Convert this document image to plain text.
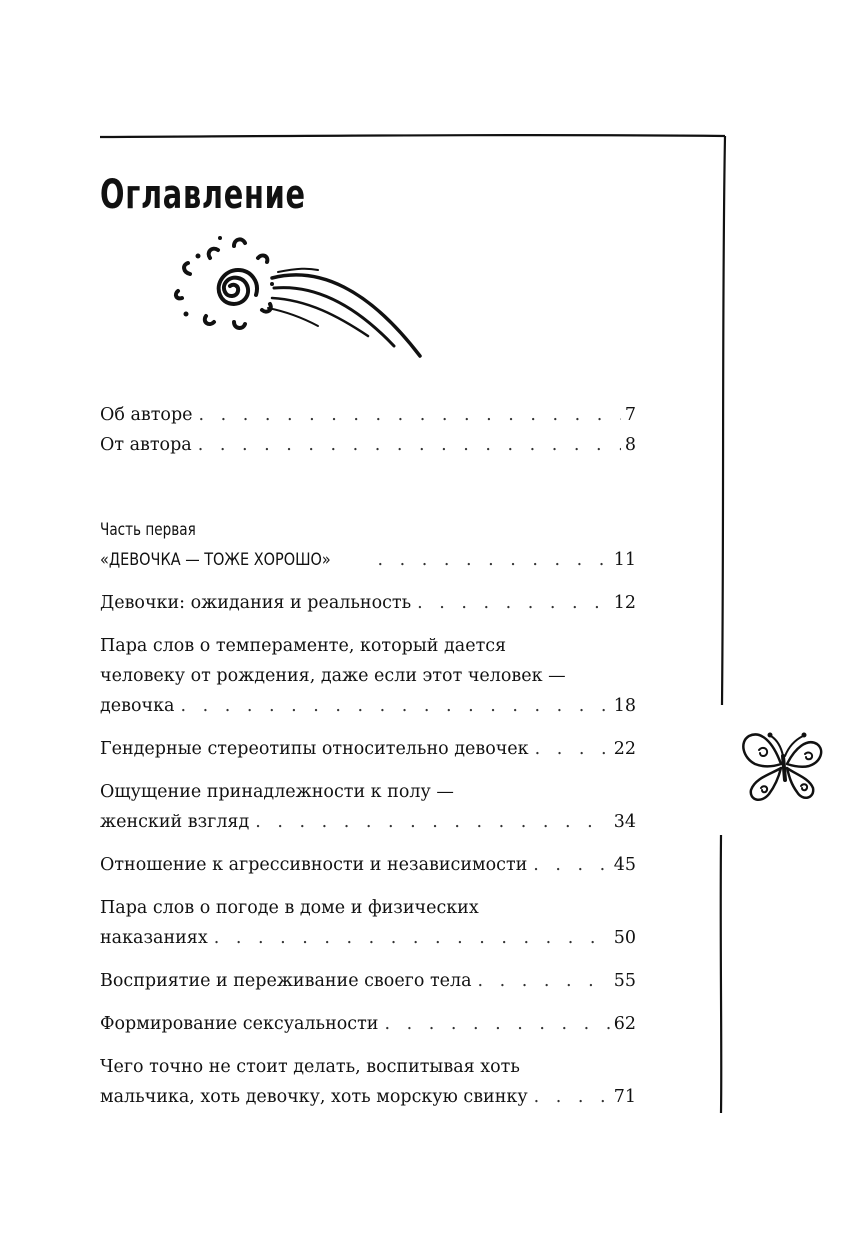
Оглавление
Об авторе . . .	7
От автора . . .	8
Часть первая
«ДЕВОЧКА — ТОЖЕ ХОРОШО» . . .	11
Девочки: ожидания и реальность . . .	12
Пара слов о темпераменте, который дается
человеку от рождения, даже если этот человек —
девочка . . .	18
Гендерные стереотипы относительно девочек . . .	22
Ощущение принадлежности к полу —
женский взгляд . . .	34
Отношение к агрессивности и независимости . . .	45
Пара слов о погоде в доме и физических
наказаниях . . .	50
Восприятие и переживание своего тела . . .	55
Формирование сексуальности . . .	62
Чего точно не стоит делать, воспитывая хоть
мальчика, хоть девочку, хоть морскую свинку . . .	71
